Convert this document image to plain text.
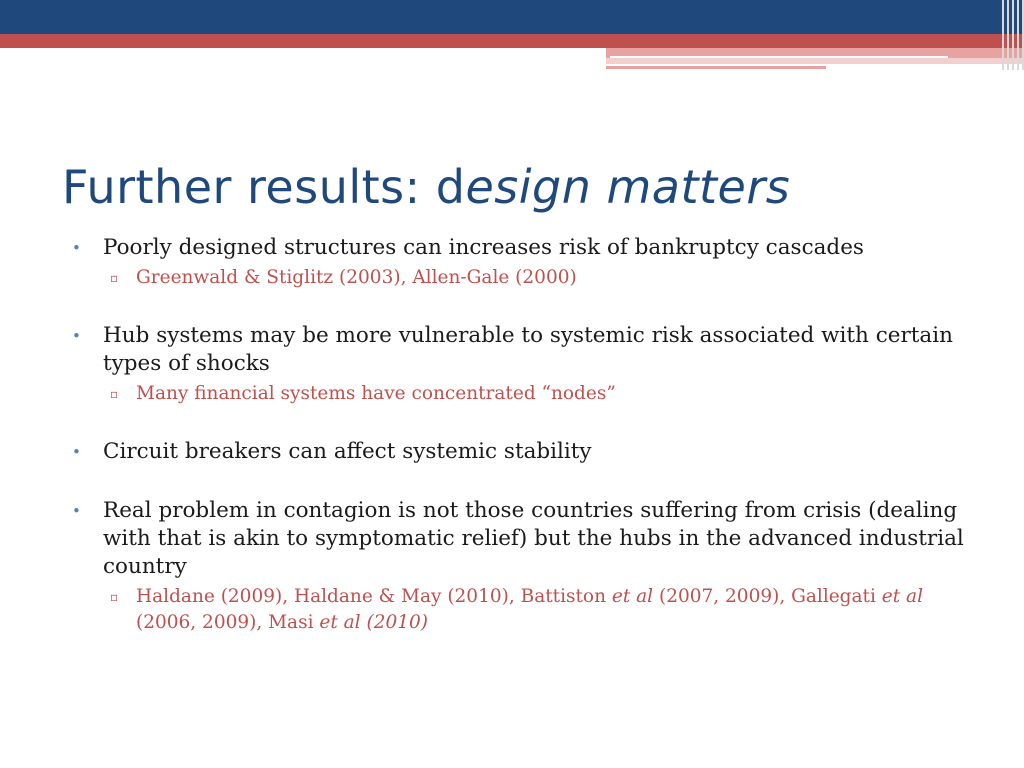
Further results: design matters
• Poorly designed structures can increases risk of bankruptcy cascades
▫ Greenwald & Stiglitz (2003), Allen-Gale (2000)
• Hub systems may be more vulnerable to systemic risk associated with certain types of shocks
▫ Many financial systems have concentrated “nodes”
• Circuit breakers can affect systemic stability
• Real problem in contagion is not those countries suffering from crisis (dealing with that is akin to symptomatic relief) but the hubs in the advanced industrial country
▫ Haldane (2009), Haldane & May (2010), Battiston et al (2007, 2009), Gallegati et al (2006, 2009), Masi et al (2010)
